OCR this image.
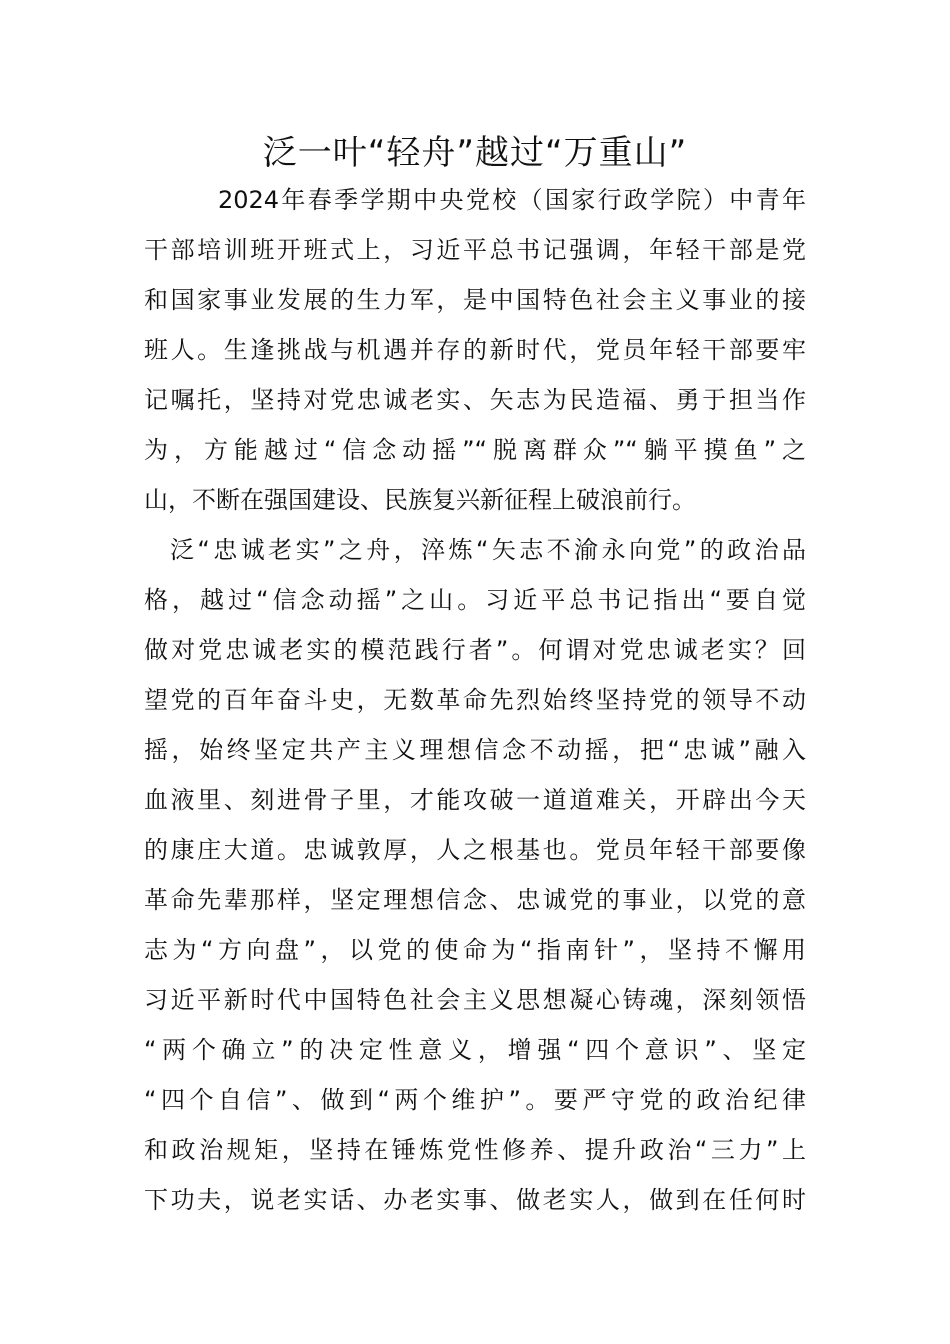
泛一叶“轻舟”越过“万重山”
2024年春季学期中央党校（国家行政学院）中青年
干部培训班开班式上，习近平总书记强调，年轻干部是党
和国家事业发展的生力军，是中国特色社会主义事业的接
班人。生逢挑战与机遇并存的新时代，党员年轻干部要牢
记嘱托，坚持对党忠诚老实、矢志为民造福、勇于担当作
为，方能越过“信念动摇”“脱离群众”“躺平摸鱼”之
山，不断在强国建设、民族复兴新征程上破浪前行。
泛“忠诚老实”之舟，淬炼“矢志不渝永向党”的政治品
格，越过“信念动摇”之山。习近平总书记指出“要自觉
做对党忠诚老实的模范践行者”。何谓对党忠诚老实？回
望党的百年奋斗史，无数革命先烈始终坚持党的领导不动
摇，始终坚定共产主义理想信念不动摇，把“忠诚”融入
血液里、刻进骨子里，才能攻破一道道难关，开辟出今天
的康庄大道。忠诚敦厚，人之根基也。党员年轻干部要像
革命先辈那样，坚定理想信念、忠诚党的事业，以党的意
志为“方向盘”，以党的使命为“指南针”，坚持不懈用
习近平新时代中国特色社会主义思想凝心铸魂，深刻领悟
“两个确立”的决定性意义，增强“四个意识”、坚定
“四个自信”、做到“两个维护”。要严守党的政治纪律
和政治规矩，坚持在锤炼党性修养、提升政治“三力”上
下功夫，说老实话、办老实事、做老实人，做到在任何时
